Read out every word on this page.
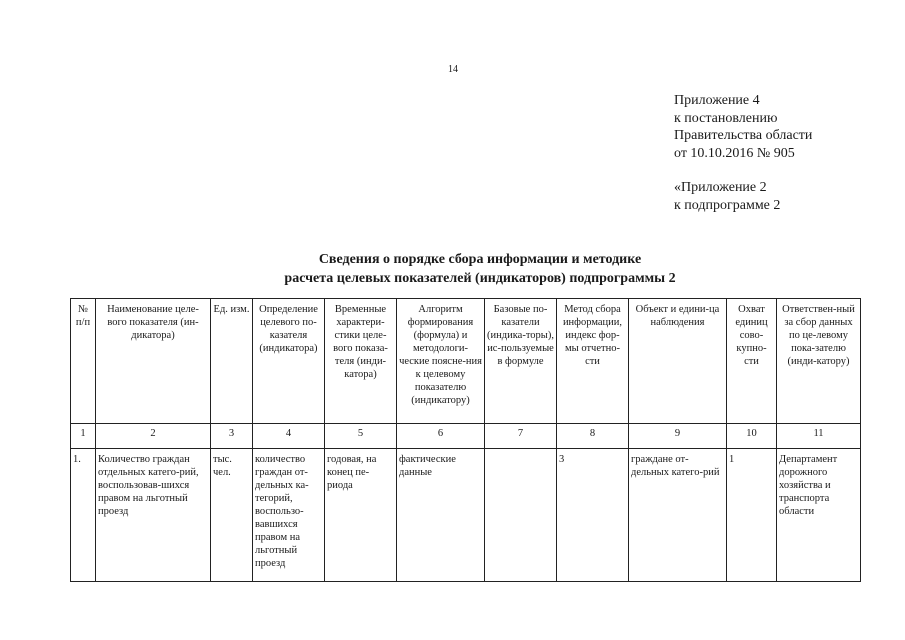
14
Приложение 4
к постановлению
Правительства области
от 10.10.2016 № 905
«Приложение 2
к подпрограмме 2
Сведения о порядке сбора информации и методике
расчета целевых показателей (индикаторов) подпрограммы 2
№ п/п	Наименование целе-вого показателя (ин-дикатора)	Ед. изм.	Определение целевого по-казателя (индикатора)	Временные характери-стики целе-вого показа-теля (инди-катора)	Алгоритм формирования (формула) и методологи-ческие поясне-ния к целевому показателю (индикатору)	Базовые по-казатели (индика-торы), ис-пользуемые в формуле	Метод сбора информации, индекс фор-мы отчетно-сти	Объект и едини-ца наблюдения	Охват единиц сово-купно-сти	Ответствен-ный за сбор данных по це-левому пока-зателю (инди-катору)
1	2	3	4	5	6	7	8	9	10	11
1.	Количество граждан отдельных катего-рий, воспользовав-шихся правом на льготный проезд	тыс. чел.	количество граждан от-дельных ка-тегорий, воспользо-вавшихся правом на льготный проезд	годовая, на конец пе-риода	фактические данные		3	граждане от-дельных катего-рий	1	Департамент дорожного хозяйства и транспорта области
